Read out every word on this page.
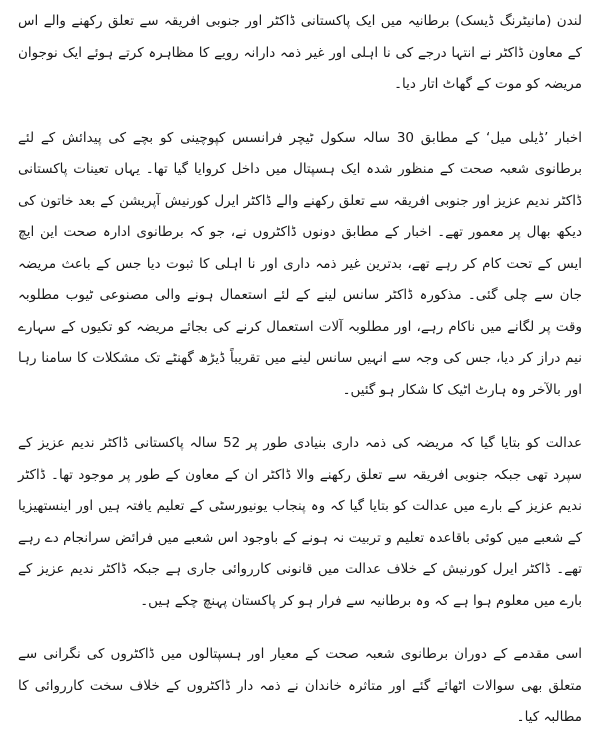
لندن (مانیٹرنگ ڈیسک) برطانیہ میں ایک پاکستانی ڈاکٹر اور جنوبی افریقہ سے تعلق رکھنے والے اس کے معاون ڈاکٹر نے انتہا درجے کی نا اہلی اور غیر ذمہ دارانہ رویے کا مظاہرہ کرتے ہوئے ایک نوجوان مریضہ کو موت کے گھاٹ اتار دیا۔

اخبار ’ڈیلی میل‘ کے مطابق 30 سالہ سکول ٹیچر فرانسس کپوچینی کو بچے کی پیدائش کے لئے برطانوی شعبہ صحت کے منظور شدہ ایک ہسپتال میں داخل کروایا گیا تھا۔ یہاں تعینات پاکستانی ڈاکٹر ندیم عزیز اور جنوبی افریقہ سے تعلق رکھنے والے ڈاکٹر ایرل کورنیش آپریشن کے بعد خاتون کی دیکھ بھال پر معمور تھے۔ اخبار کے مطابق دونوں ڈاکٹروں نے، جو کہ برطانوی ادارہ صحت این ایچ ایس کے تحت کام کر رہے تھے، بدترین غیر ذمہ داری اور نا اہلی کا ثبوت دیا جس کے باعث مریضہ جان سے چلی گئی۔ مذکورہ ڈاکٹر سانس لینے کے لئے استعمال ہونے والی مصنوعی ٹیوب مطلوبہ وقت پر لگانے میں ناکام رہے، اور مطلوبہ آلات استعمال کرنے کی بجائے مریضہ کو تکیوں کے سہارے نیم دراز کر دیا، جس کی وجہ سے انہیں سانس لینے میں تقریباً ڈیڑھ گھنٹے تک مشکلات کا سامنا رہا اور بالآخر وہ ہارٹ اٹیک کا شکار ہو گئیں۔

عدالت کو بتایا گیا کہ مریضہ کی ذمہ داری بنیادی طور پر 52 سالہ پاکستانی ڈاکٹر ندیم عزیز کے سپرد تھی جبکہ جنوبی افریقہ سے تعلق رکھنے والا ڈاکٹر ان کے معاون کے طور پر موجود تھا۔ ڈاکٹر ندیم عزیز کے بارے میں عدالت کو بتایا گیا کہ وہ پنجاب یونیورسٹی کے تعلیم یافتہ ہیں اور اینستھیزیا کے شعبے میں کوئی باقاعدہ تعلیم و تربیت نہ ہونے کے باوجود اس شعبے میں فرائض سرانجام دے رہے تھے۔ ڈاکٹر ایرل کورنیش کے خلاف عدالت میں قانونی کارروائی جاری ہے جبکہ ڈاکٹر ندیم عزیز کے بارے میں معلوم ہوا ہے کہ وہ برطانیہ سے فرار ہو کر پاکستان پہنچ چکے ہیں۔

اسی مقدمے کے دوران برطانوی شعبہ صحت کے معیار اور ہسپتالوں میں ڈاکٹروں کی نگرانی سے متعلق بھی سوالات اٹھائے گئے اور متاثرہ خاندان نے ذمہ دار ڈاکٹروں کے خلاف سخت کارروائی کا مطالبہ کیا۔
